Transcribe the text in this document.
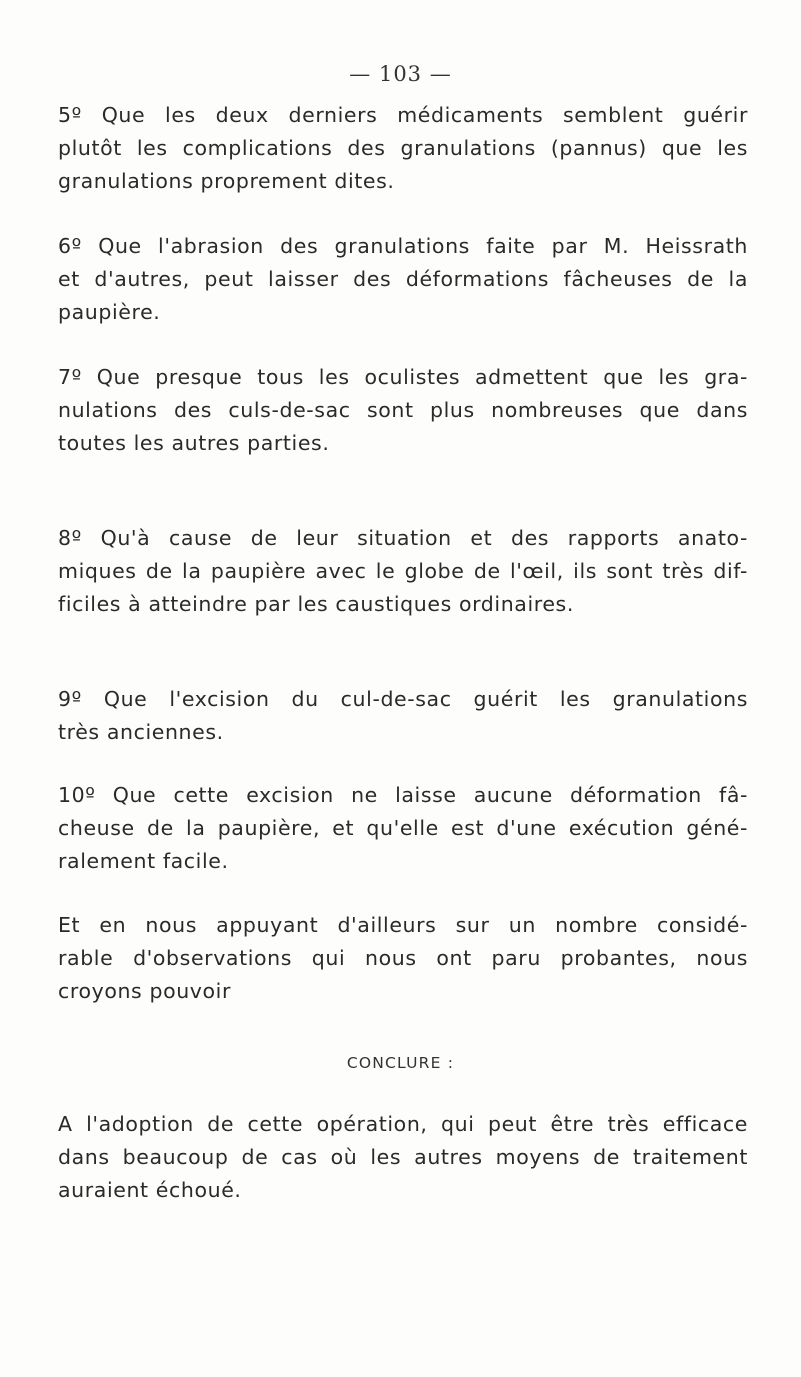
— 103 —
5º Que les deux derniers médicaments semblent guérir
plutôt les complications des granulations (pannus) que les
granulations proprement dites.
6º Que l'abrasion des granulations faite par M. Heissrath
et d'autres, peut laisser des déformations fâcheuses de la
paupière.
7º Que presque tous les oculistes admettent que les gra-
nulations des culs-de-sac sont plus nombreuses que dans
toutes les autres parties.
8º Qu'à cause de leur situation et des rapports anato-
miques de la paupière avec le globe de l'œil, ils sont très dif-
ficiles à atteindre par les caustiques ordinaires.
9º Que l'excision du cul-de-sac guérit les granulations
très anciennes.
10º Que cette excision ne laisse aucune déformation fâ-
cheuse de la paupière, et qu'elle est d'une exécution géné-
ralement facile.
Et en nous appuyant d'ailleurs sur un nombre considé-
rable d'observations qui nous ont paru probantes, nous
croyons pouvoir
CONCLURE :
A l'adoption de cette opération, qui peut être très efficace
dans beaucoup de cas où les autres moyens de traitement
auraient échoué.
